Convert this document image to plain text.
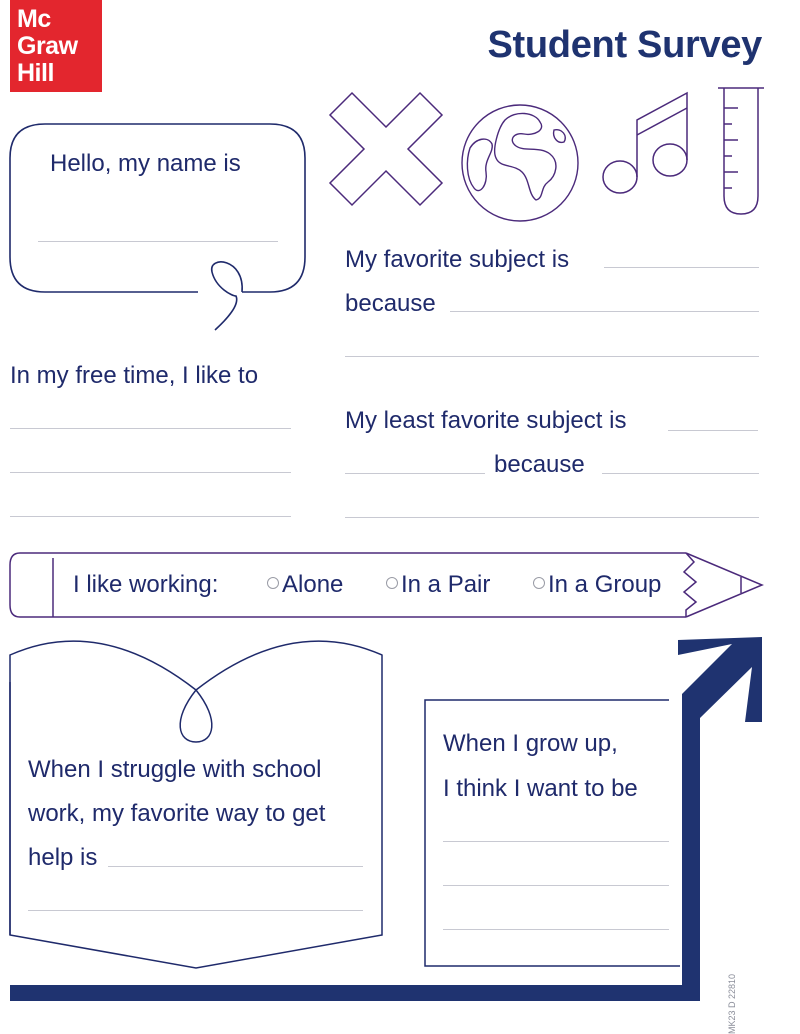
Mc
Graw
Hill
Student Survey
Hello, my name is
My favorite subject is
because
In my free time, I like to
My least favorite subject is
because
I like working:	Alone	In a Pair	In a Group
When I struggle with school
work, my favorite way to get
help is
When I grow up,
I think I want to be
MK23 D 22810
